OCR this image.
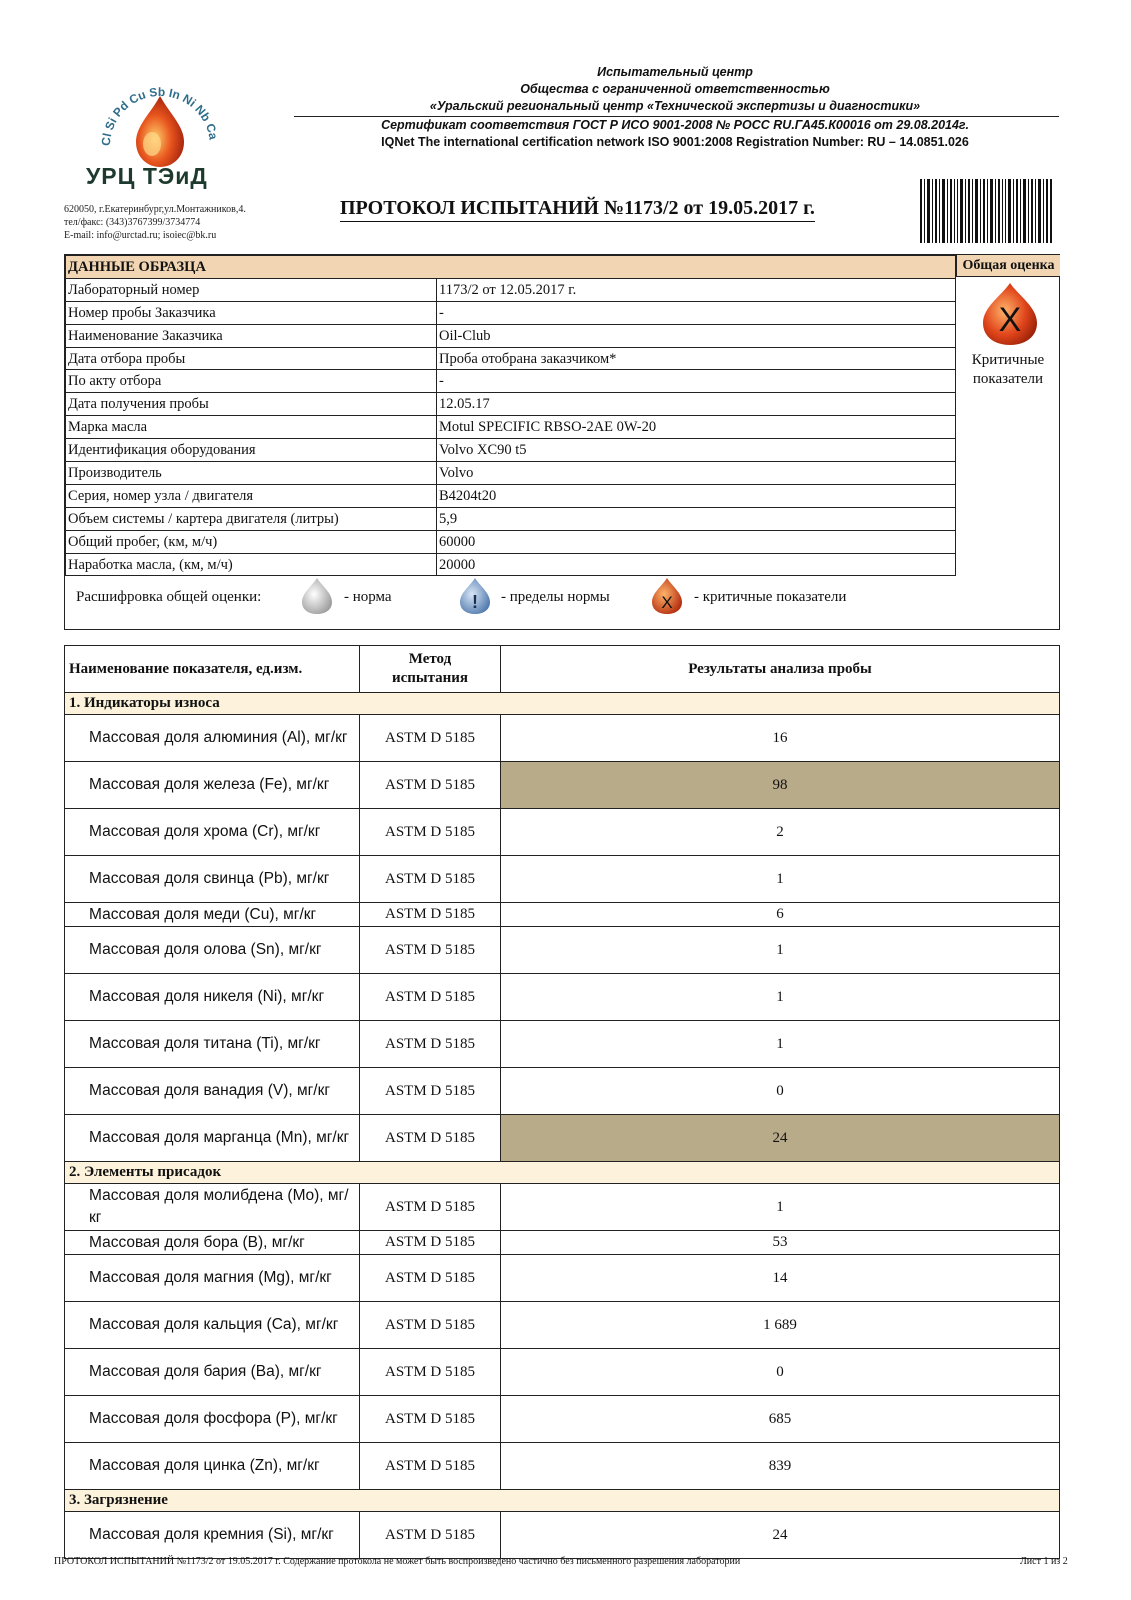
Cl Si Pd Cu Sb In Ni Nb Ca
УРЦ ТЭиД
620050, г.Екатеринбург,ул.Монтажников,4.
тел/факс: (343)3767399/3734774
E-mail: info@urctad.ru; isoiec@bk.ru
Испытательный центр
Общества с ограниченной ответственностью
«Уральский региональный центр «Технической экспертизы и диагностики»
Сертификат соответствия ГОСТ Р ИСО 9001-2008 № РОСС RU.ГА45.К00016 от 29.08.2014г.
IQNet The international certification network ISO 9001:2008 Registration Number: RU – 14.0851.026
ПРОТОКОЛ ИСПЫТАНИЙ №1173/2 от 19.05.2017 г.
ДАННЫЕ ОБРАЗЦА	
Лабораторный номер	1173/2 от 12.05.2017 г.
Номер пробы Заказчика	-
Наименование Заказчика	Oil-Club
Дата отбора пробы	Проба отобрана заказчиком*
По акту отбора	-
Дата получения пробы	12.05.17
Марка масла	Motul SPECIFIC RBSO-2AE 0W-20
Идентификация оборудования	Volvo XC90 t5
Производитель	Volvo
Серия, номер узла / двигателя	B4204t20
Объем системы / картера двигателя (литры)	5,9
Общий пробег, (км, м/ч)	60000
Наработка масла, (км, м/ч)	20000
Общая оценка
X
Критичные
показатели
Расшифровка общей оценки:	- норма	! - пределы нормы	X - критичные показатели
Наименование показателя, ед.изм.	Метод
испытания	Результаты анализа пробы
1. Индикаторы износа		
Массовая доля алюминия (Al), мг/кг	ASTM D 5185	16
Массовая доля железа (Fe), мг/кг	ASTM D 5185	98
Массовая доля хрома (Cr), мг/кг	ASTM D 5185	2
Массовая доля свинца (Pb), мг/кг	ASTM D 5185	1
Массовая доля меди (Cu), мг/кг	ASTM D 5185	6
Массовая доля олова (Sn), мг/кг	ASTM D 5185	1
Массовая доля никеля (Ni), мг/кг	ASTM D 5185	1
Массовая доля титана (Ti), мг/кг	ASTM D 5185	1
Массовая доля ванадия (V), мг/кг	ASTM D 5185	0
Массовая доля марганца (Mn), мг/кг	ASTM D 5185	24
2. Элементы присадок		
Массовая доля молибдена (Mo), мг/кг	ASTM D 5185	1
Массовая доля бора (B), мг/кг	ASTM D 5185	53
Массовая доля магния (Mg), мг/кг	ASTM D 5185	14
Массовая доля кальция (Ca), мг/кг	ASTM D 5185	1 689
Массовая доля бария (Ba), мг/кг	ASTM D 5185	0
Массовая доля фосфора (P), мг/кг	ASTM D 5185	685
Массовая доля цинка (Zn), мг/кг	ASTM D 5185	839
3. Загрязнение		
Массовая доля кремния (Si), мг/кг	ASTM D 5185	24
ПРОТОКОЛ ИСПЫТАНИЙ №1173/2 от 19.05.2017 г. Содержание протокола не может быть воспроизведено частично без письменного разрешения лаборатории	Лист 1 из 2
